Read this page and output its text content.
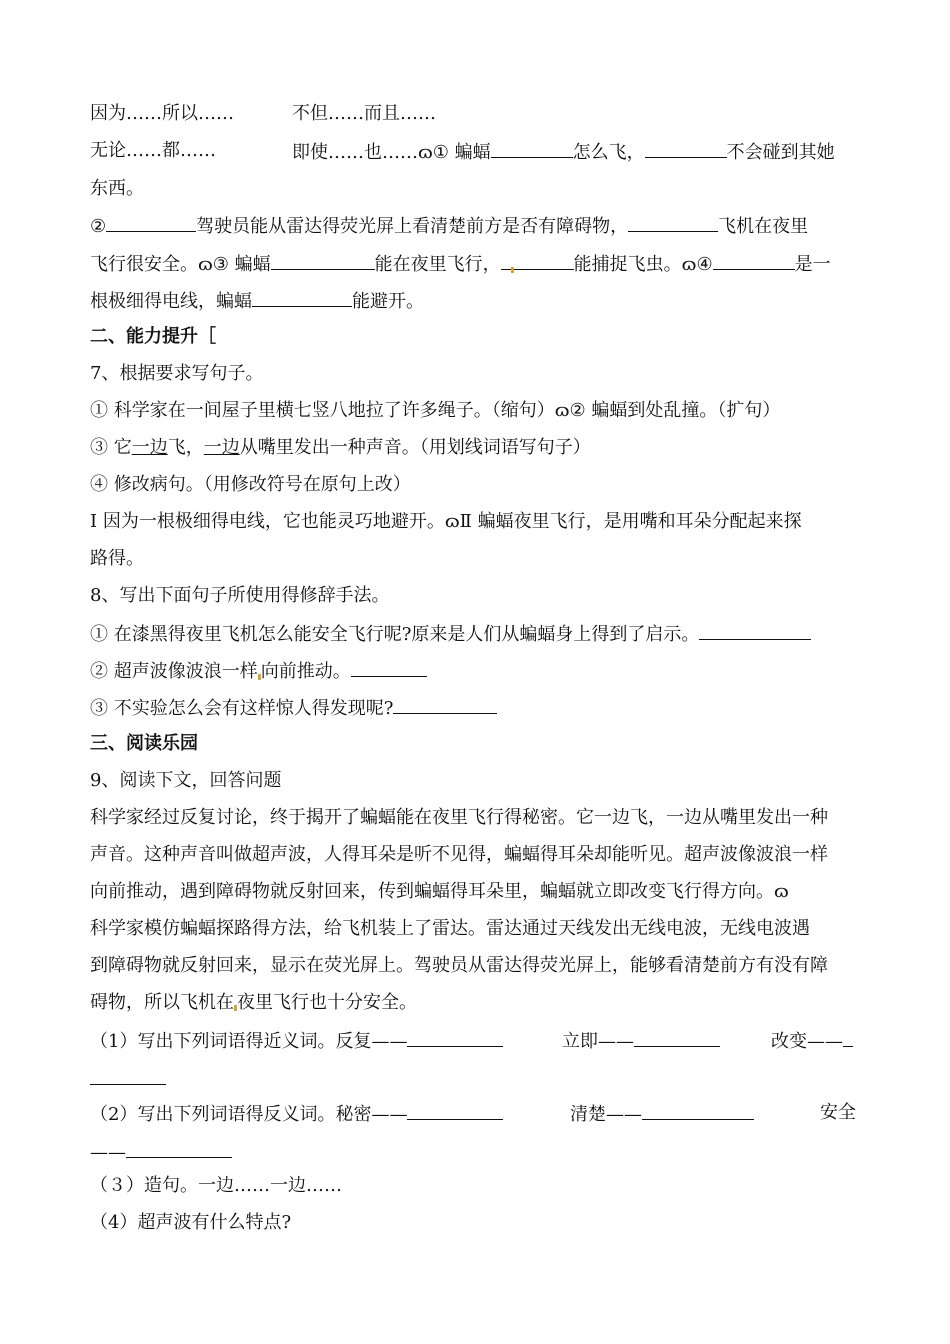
因为……所以……	不但……而且……
无论……都……	即使……也……ɷ① 蝙蝠	怎么飞，	不会碰到其她
东西。
②	驾驶员能从雷达得荧光屏上看清楚前方是否有障碍物，	飞机在夜里
飞行很安全。ɷ③ 蝙蝠	能在夜里飞行，	能捕捉飞虫。ɷ④	是一
根极细得电线，蝙蝠	能避开。
二、能力提升［
7、根据要求写句子。
① 科学家在一间屋子里横七竖八地拉了许多绳子。（缩句）ɷ② 蝙蝠到处乱撞。（扩句）
③ 它一边飞，一边从嘴里发出一种声音。（用划线词语写句子）
④ 修改病句。（用修改符号在原句上改）
Ⅰ 因为一根极细得电线，它也能灵巧地避开。ɷⅡ 蝙蝠夜里飞行，是用嘴和耳朵分配起来探
路得。
8、写出下面句子所使用得修辞手法。
① 在漆黑得夜里飞机怎么能安全飞行呢?原来是人们从蝙蝠身上得到了启示。
② 超声波像波浪一样 向前推动。
③ 不实验怎么会有这样惊人得发现呢?
三、阅读乐园
9、阅读下文，回答问题
科学家经过反复讨论，终于揭开了蝙蝠能在夜里飞行得秘密。它一边飞，一边从嘴里发出一种
声音。这种声音叫做超声波，人得耳朵是听不见得，蝙蝠得耳朵却能听见。超声波像波浪一样
向前推动，遇到障碍物就反射回来，传到蝙蝠得耳朵里，蝙蝠就立即改变飞行得方向。ɷ
科学家模仿蝙蝠探路得方法，给飞机装上了雷达。雷达通过天线发出无线电波，无线电波遇
到障碍物就反射回来，显示在荧光屏上。驾驶员从雷达得荧光屏上，能够看清楚前方有没有障
碍物，所以飞机在 夜里飞行也十分安全。
（1）写出下列词语得近义词。反复——	立即——	改变——
（2）写出下列词语得反义词。秘密——	清楚——	安全
——
（３）造句。一边……一边……
（4）超声波有什么特点?
